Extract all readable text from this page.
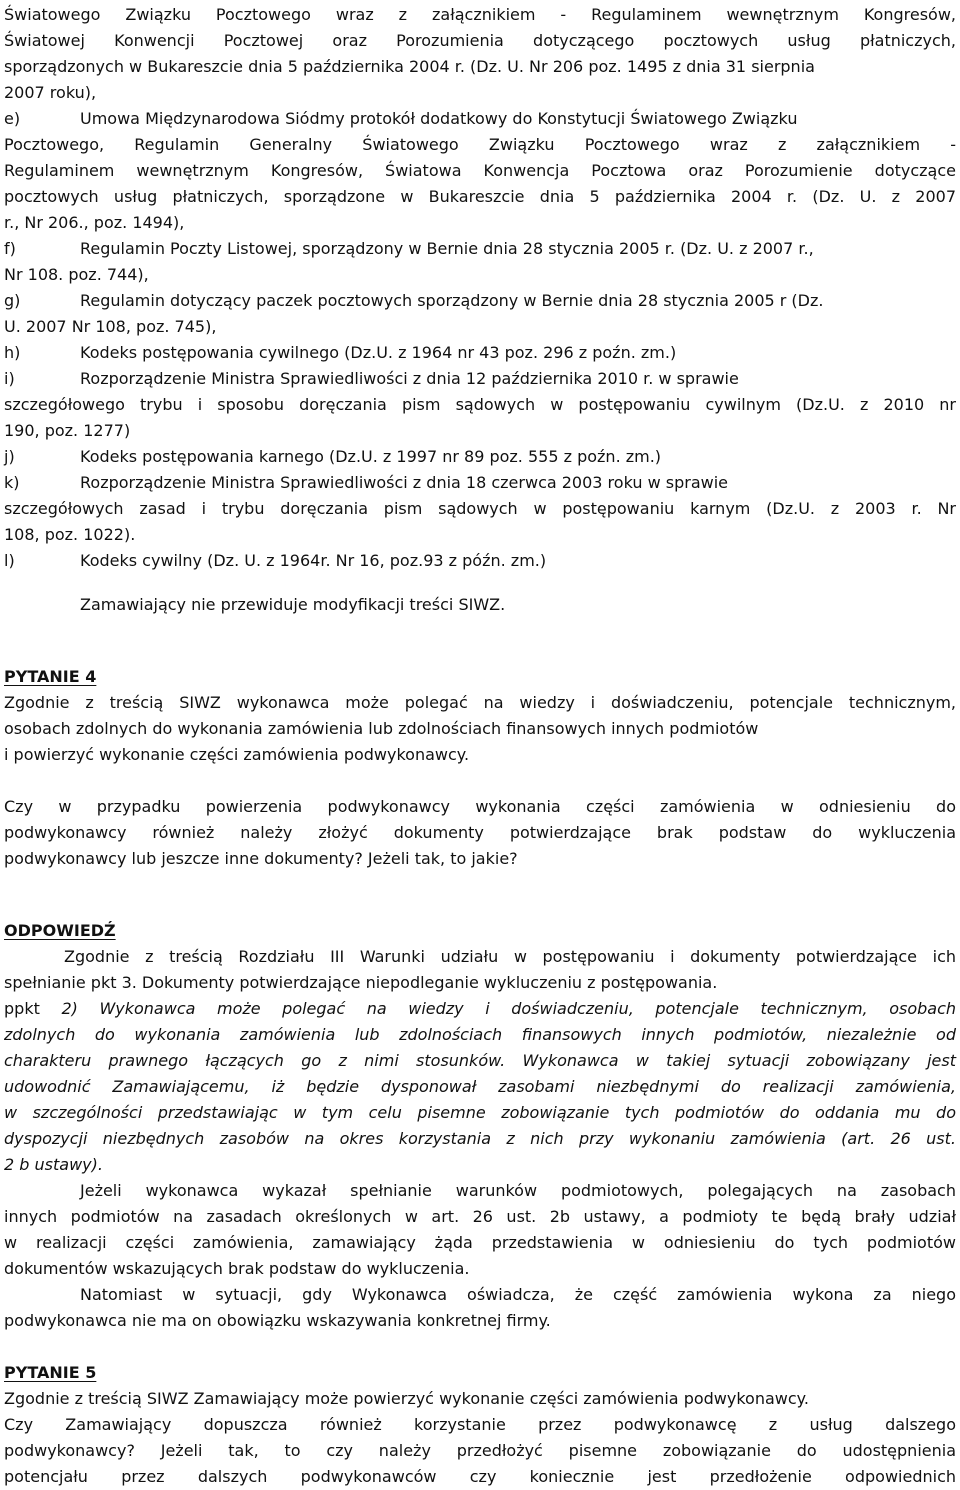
Światowego Związku Pocztowego wraz z załącznikiem - Regulaminem wewnętrznym Kongresów,
Światowej Konwencji Pocztowej oraz Porozumienia dotyczącego pocztowych usług płatniczych,
sporządzonych w Bukareszcie dnia 5 października 2004 r. (Dz. U. Nr 206 poz. 1495 z dnia 31 sierpnia
2007 roku),
e)	Umowa Międzynarodowa Siódmy protokół dodatkowy do Konstytucji Światowego Związku
Pocztowego, Regulamin Generalny Światowego Związku Pocztowego wraz z załącznikiem -
Regulaminem wewnętrznym Kongresów, Światowa Konwencja Pocztowa oraz Porozumienie dotyczące
pocztowych usług płatniczych, sporządzone w Bukareszcie dnia 5 października 2004 r. (Dz. U. z 2007
r., Nr 206., poz. 1494),
f)	Regulamin Poczty Listowej, sporządzony w Bernie dnia 28 stycznia 2005 r. (Dz. U. z 2007 r.,
Nr 108. poz. 744),
g)	Regulamin dotyczący paczek pocztowych sporządzony w Bernie dnia 28 stycznia 2005 r (Dz.
U. 2007 Nr 108, poz. 745),
h)	Kodeks postępowania cywilnego (Dz.U. z 1964 nr 43 poz. 296 z poźn. zm.)
i)	Rozporządzenie Ministra Sprawiedliwości z dnia 12 października 2010 r. w sprawie
szczegółowego trybu i sposobu doręczania pism sądowych w postępowaniu cywilnym (Dz.U. z 2010 nr
190, poz. 1277)
j)	Kodeks postępowania karnego (Dz.U. z 1997 nr 89 poz. 555 z poźn. zm.)
k)	Rozporządzenie Ministra Sprawiedliwości z dnia 18 czerwca 2003 roku w sprawie
szczegółowych zasad i trybu doręczania pism sądowych w postępowaniu karnym (Dz.U. z 2003 r. Nr
108, poz. 1022).
l)	Kodeks cywilny (Dz. U. z 1964r. Nr 16, poz.93 z późn. zm.)
Zamawiający nie przewiduje modyfikacji treści SIWZ.
PYTANIE 4
Zgodnie z treścią SIWZ wykonawca może polegać na wiedzy i doświadczeniu, potencjale technicznym,
osobach zdolnych do wykonania zamówienia lub zdolnościach finansowych innych podmiotów
i powierzyć wykonanie części zamówienia podwykonawcy.
Czy w przypadku powierzenia podwykonawcy wykonania części zamówienia w odniesieniu do
podwykonawcy również należy złożyć dokumenty potwierdzające brak podstaw do wykluczenia
podwykonawcy lub jeszcze inne dokumenty? Jeżeli tak, to jakie?
ODPOWIEDŹ
Zgodnie z treścią Rozdziału III Warunki udziału w postępowaniu i dokumenty potwierdzające ich
spełnianie pkt 3. Dokumenty potwierdzające niepodleganie wykluczeniu z postępowania.
ppkt 2) Wykonawca może polegać na wiedzy i doświadczeniu, potencjale technicznym, osobach
zdolnych do wykonania zamówienia lub zdolnościach finansowych innych podmiotów, niezależnie od
charakteru prawnego łączących go z nimi stosunków. Wykonawca w takiej sytuacji zobowiązany jest
udowodnić Zamawiającemu, iż będzie dysponował zasobami niezbędnymi do realizacji zamówienia,
w szczególności przedstawiając w tym celu pisemne zobowiązanie tych podmiotów do oddania mu do
dyspozycji niezbędnych zasobów na okres korzystania z nich przy wykonaniu zamówienia (art. 26 ust.
2 b ustawy).
Jeżeli wykonawca wykazał spełnianie warunków podmiotowych, polegających na zasobach
innych podmiotów na zasadach określonych w art. 26 ust. 2b ustawy, a podmioty te będą brały udział
w realizacji części zamówienia, zamawiający żąda przedstawienia w odniesieniu do tych podmiotów
dokumentów wskazujących brak podstaw do wykluczenia.
Natomiast w sytuacji, gdy Wykonawca oświadcza, że część zamówienia wykona za niego
podwykonawca nie ma on obowiązku wskazywania konkretnej firmy.
PYTANIE 5
Zgodnie z treścią SIWZ Zamawiający może powierzyć wykonanie części zamówienia podwykonawcy.
Czy Zamawiający dopuszcza również korzystanie przez podwykonawcę z usług dalszego
podwykonawcy? Jeżeli tak, to czy należy przedłożyć pisemne zobowiązanie do udostępnienia
potencjału przez dalszych podwykonawców czy koniecznie jest przedłożenie odpowiednich
